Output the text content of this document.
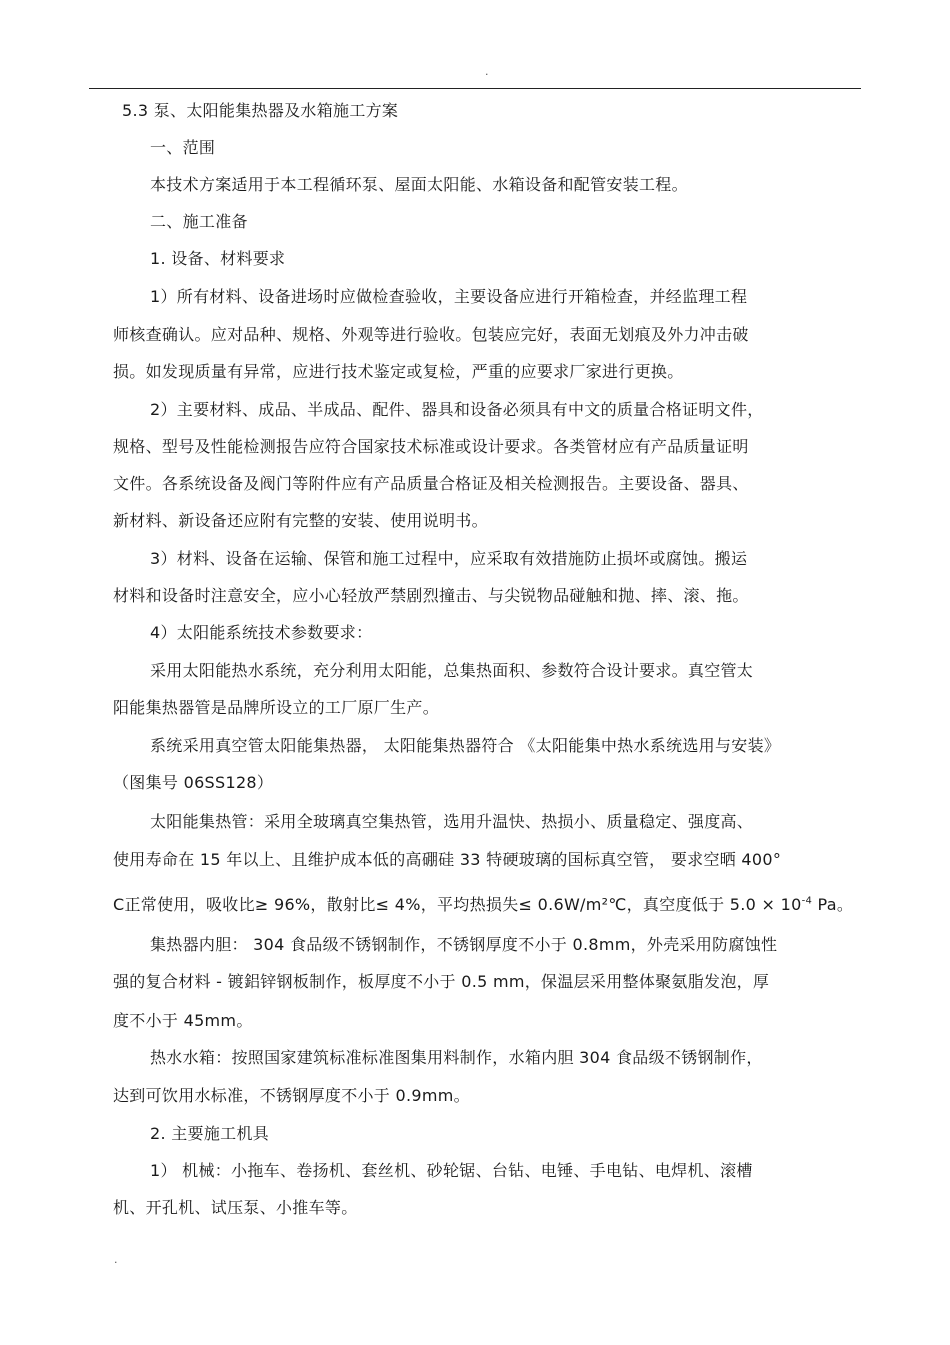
.

5.3 泵、太阳能集热器及水箱施工方案

一、范围

本技术方案适用于本工程循环泵、屋面太阳能、水箱设备和配管安装工程。

二、施工准备

1. 设备、材料要求

1）所有材料、设备进场时应做检查验收，主要设备应进行开箱检查，并经监理工程

师核查确认。应对品种、规格、外观等进行验收。包装应完好，表面无划痕及外力冲击破

损。如发现质量有异常，应进行技术鉴定或复检，严重的应要求厂家进行更换。

2）主要材料、成品、半成品、配件、器具和设备必须具有中文的质量合格证明文件，

规格、型号及性能检测报告应符合国家技术标准或设计要求。各类管材应有产品质量证明

文件。各系统设备及阀门等附件应有产品质量合格证及相关检测报告。主要设备、器具、

新材料、新设备还应附有完整的安装、使用说明书。

3）材料、设备在运输、保管和施工过程中，应采取有效措施防止损坏或腐蚀。搬运

材料和设备时注意安全，应小心轻放严禁剧烈撞击、与尖锐物品碰触和抛、摔、滚、拖。

4）太阳能系统技术参数要求：

采用太阳能热水系统，充分利用太阳能，总集热面积、参数符合设计要求。真空管太

阳能集热器管是品牌所设立的工厂原厂生产。

系统采用真空管太阳能集热器， 太阳能集热器符合 《太阳能集中热水系统选用与安装》

（图集号 06SS128）

太阳能集热管：采用全玻璃真空集热管，选用升温快、热损小、质量稳定、强度高、

使用寿命在 15 年以上、且维护成本低的高硼硅 33 特硬玻璃的国标真空管， 要求空晒 400°

C正常使用，吸收比≥ 96%，散射比≤ 4%，平均热损失≤ 0.6W/m²℃，真空度低于 $5.0 \times 10^{-4}$ Pa。

集热器内胆： 304 食品级不锈钢制作，不锈钢厚度不小于 0.8mm，外壳采用防腐蚀性

强的复合材料 - 镀鋁锌钢板制作，板厚度不小于 0.5 mm，保温层采用整体聚氨脂发泡，厚

度不小于 45mm。

热水水箱：按照国家建筑标准标准图集用料制作，水箱内胆 304 食品级不锈钢制作，

达到可饮用水标准，不锈钢厚度不小于 0.9mm。

2. 主要施工机具

1） 机械：小拖车、卷扬机、套丝机、砂轮锯、台钻、电锤、手电钻、电焊机、滚槽

机、开孔机、试压泵、小推车等。

.
